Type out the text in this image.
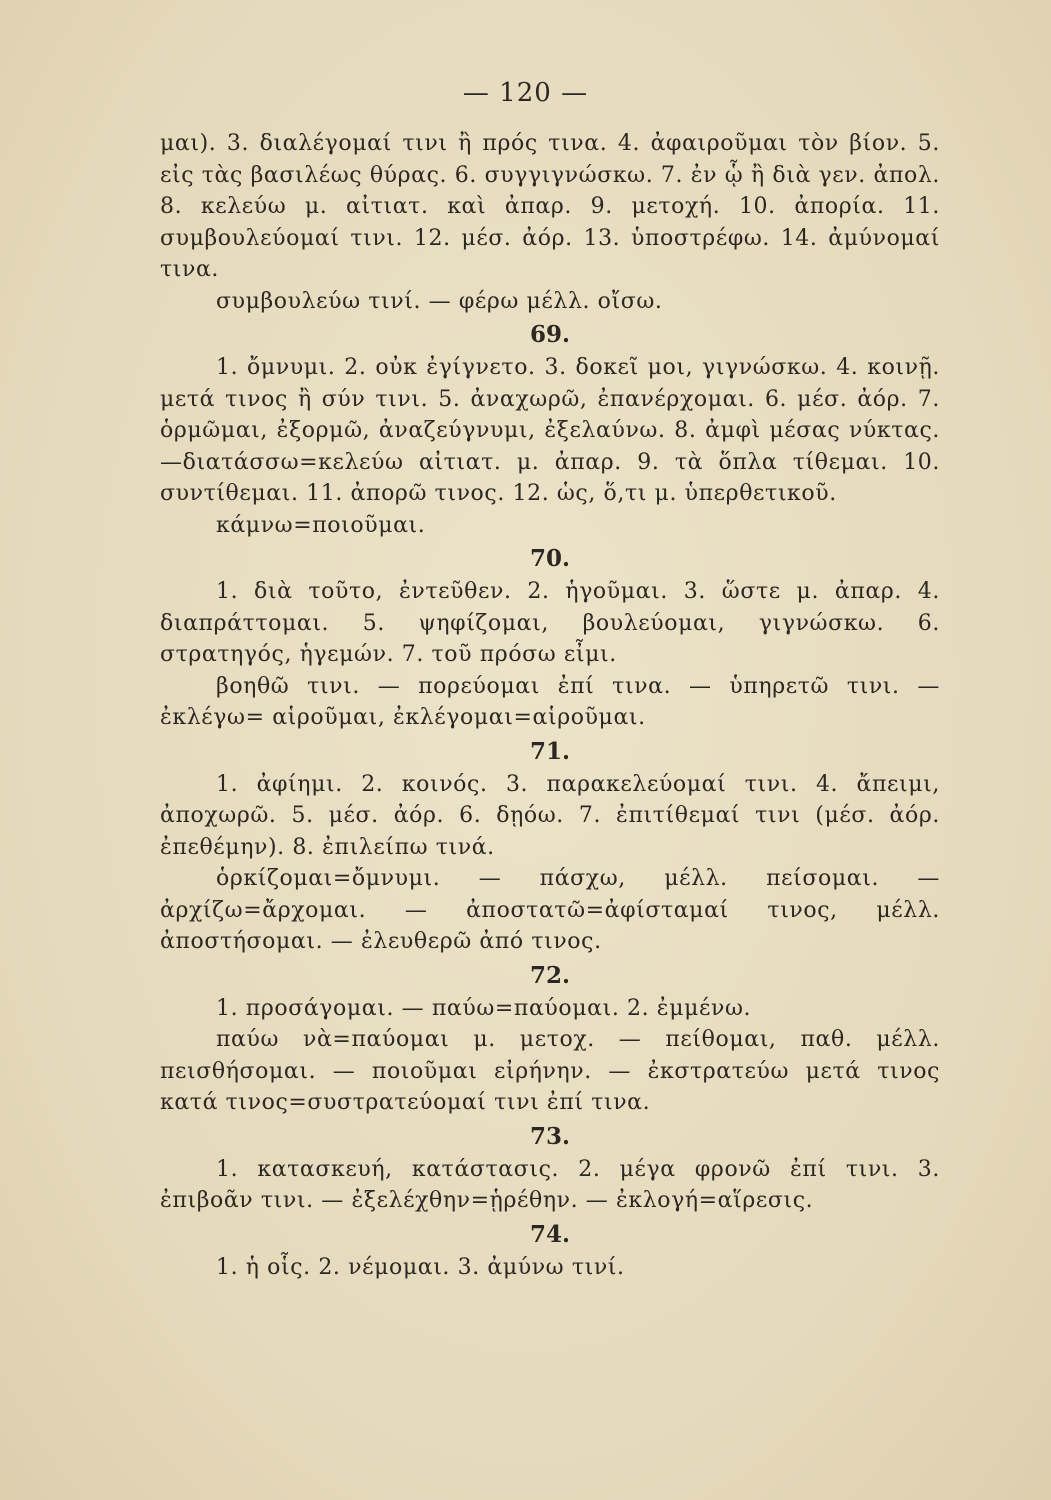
— 120 —

μαι). 3. διαλέγομαί τινι ἢ πρός τινα. 4. ἀφαιροῦμαι τὸν βίον. 5. εἰς τὰς βασιλέως θύρας. 6. συγγιγνώσκω. 7. ἐν ᾧ ἢ διὰ γεν. ἀπολ. 8. κελεύω μ. αἰτιατ. καὶ ἀπαρ. 9. μετοχή. 10. ἀπορία. 11. συμβουλεύομαί τινι. 12. μέσ. ἀόρ. 13. ὑποστρέφω. 14. ἀμύνομαί τινα.

συμβουλεύω τινί. — φέρω μέλλ. οἴσω.

69.

1. ὄμνυμι. 2. οὐκ ἐγίγνετο. 3. δοκεῖ μοι, γιγνώσκω. 4. κοινῇ. μετά τινος ἢ σύν τινι. 5. ἀναχωρῶ, ἐπανέρχομαι. 6. μέσ. ἀόρ. 7. ὁρμῶμαι, ἐξορμῶ, ἀναζεύγνυμι, ἐξελαύνω. 8. ἀμφὶ μέσας νύκτας. —διατάσσω=κελεύω αἰτιατ. μ. ἀπαρ. 9. τὰ ὅπλα τίθεμαι. 10. συντίθεμαι. 11. ἀπορῶ τινος. 12. ὡς, ὅ,τι μ. ὑπερθετικοῦ.

κάμνω=ποιοῦμαι.

70.

1. διὰ τοῦτο, ἐντεῦθεν. 2. ἡγοῦμαι. 3. ὥστε μ. ἀπαρ. 4. διαπράττομαι. 5. ψηφίζομαι, βουλεύομαι, γιγνώσκω. 6. στρατηγός, ἡγεμών. 7. τοῦ πρόσω εἶμι.

βοηθῶ τινι. — πορεύομαι ἐπί τινα. — ὑπηρετῶ τινι. — ἐκλέγω= αἱροῦμαι, ἐκλέγομαι=αἱροῦμαι.

71.

1. ἀφίημι. 2. κοινός. 3. παρακελεύομαί τινι. 4. ἄπειμι, ἀποχωρῶ. 5. μέσ. ἀόρ. 6. δῃόω. 7. ἐπιτίθεμαί τινι (μέσ. ἀόρ. ἐπεθέμην). 8. ἐπιλείπω τινά.

ὁρκίζομαι=ὄμνυμι. — πάσχω, μέλλ. πείσομαι. — ἀρχίζω=ἄρχομαι. — ἀποστατῶ=ἀφίσταμαί τινος, μέλλ. ἀποστήσομαι. — ἐλευθερῶ ἀπό τινος.

72.

1. προσάγομαι. — παύω=παύομαι. 2. ἐμμένω.

παύω νὰ=παύομαι μ. μετοχ. — πείθομαι, παθ. μέλλ. πεισθήσομαι. — ποιοῦμαι εἰρήνην. — ἐκστρατεύω μετά τινος κατά τινος=συστρατεύομαί τινι ἐπί τινα.

73.

1. κατασκευή, κατάστασις. 2. μέγα φρονῶ ἐπί τινι. 3. ἐπιβοᾶν τινι. — ἐξελέχθην=ᾑρέθην. — ἐκλογή=αἵρεσις.

74.

1. ἡ οἷς. 2. νέμομαι. 3. ἀμύνω τινί.
